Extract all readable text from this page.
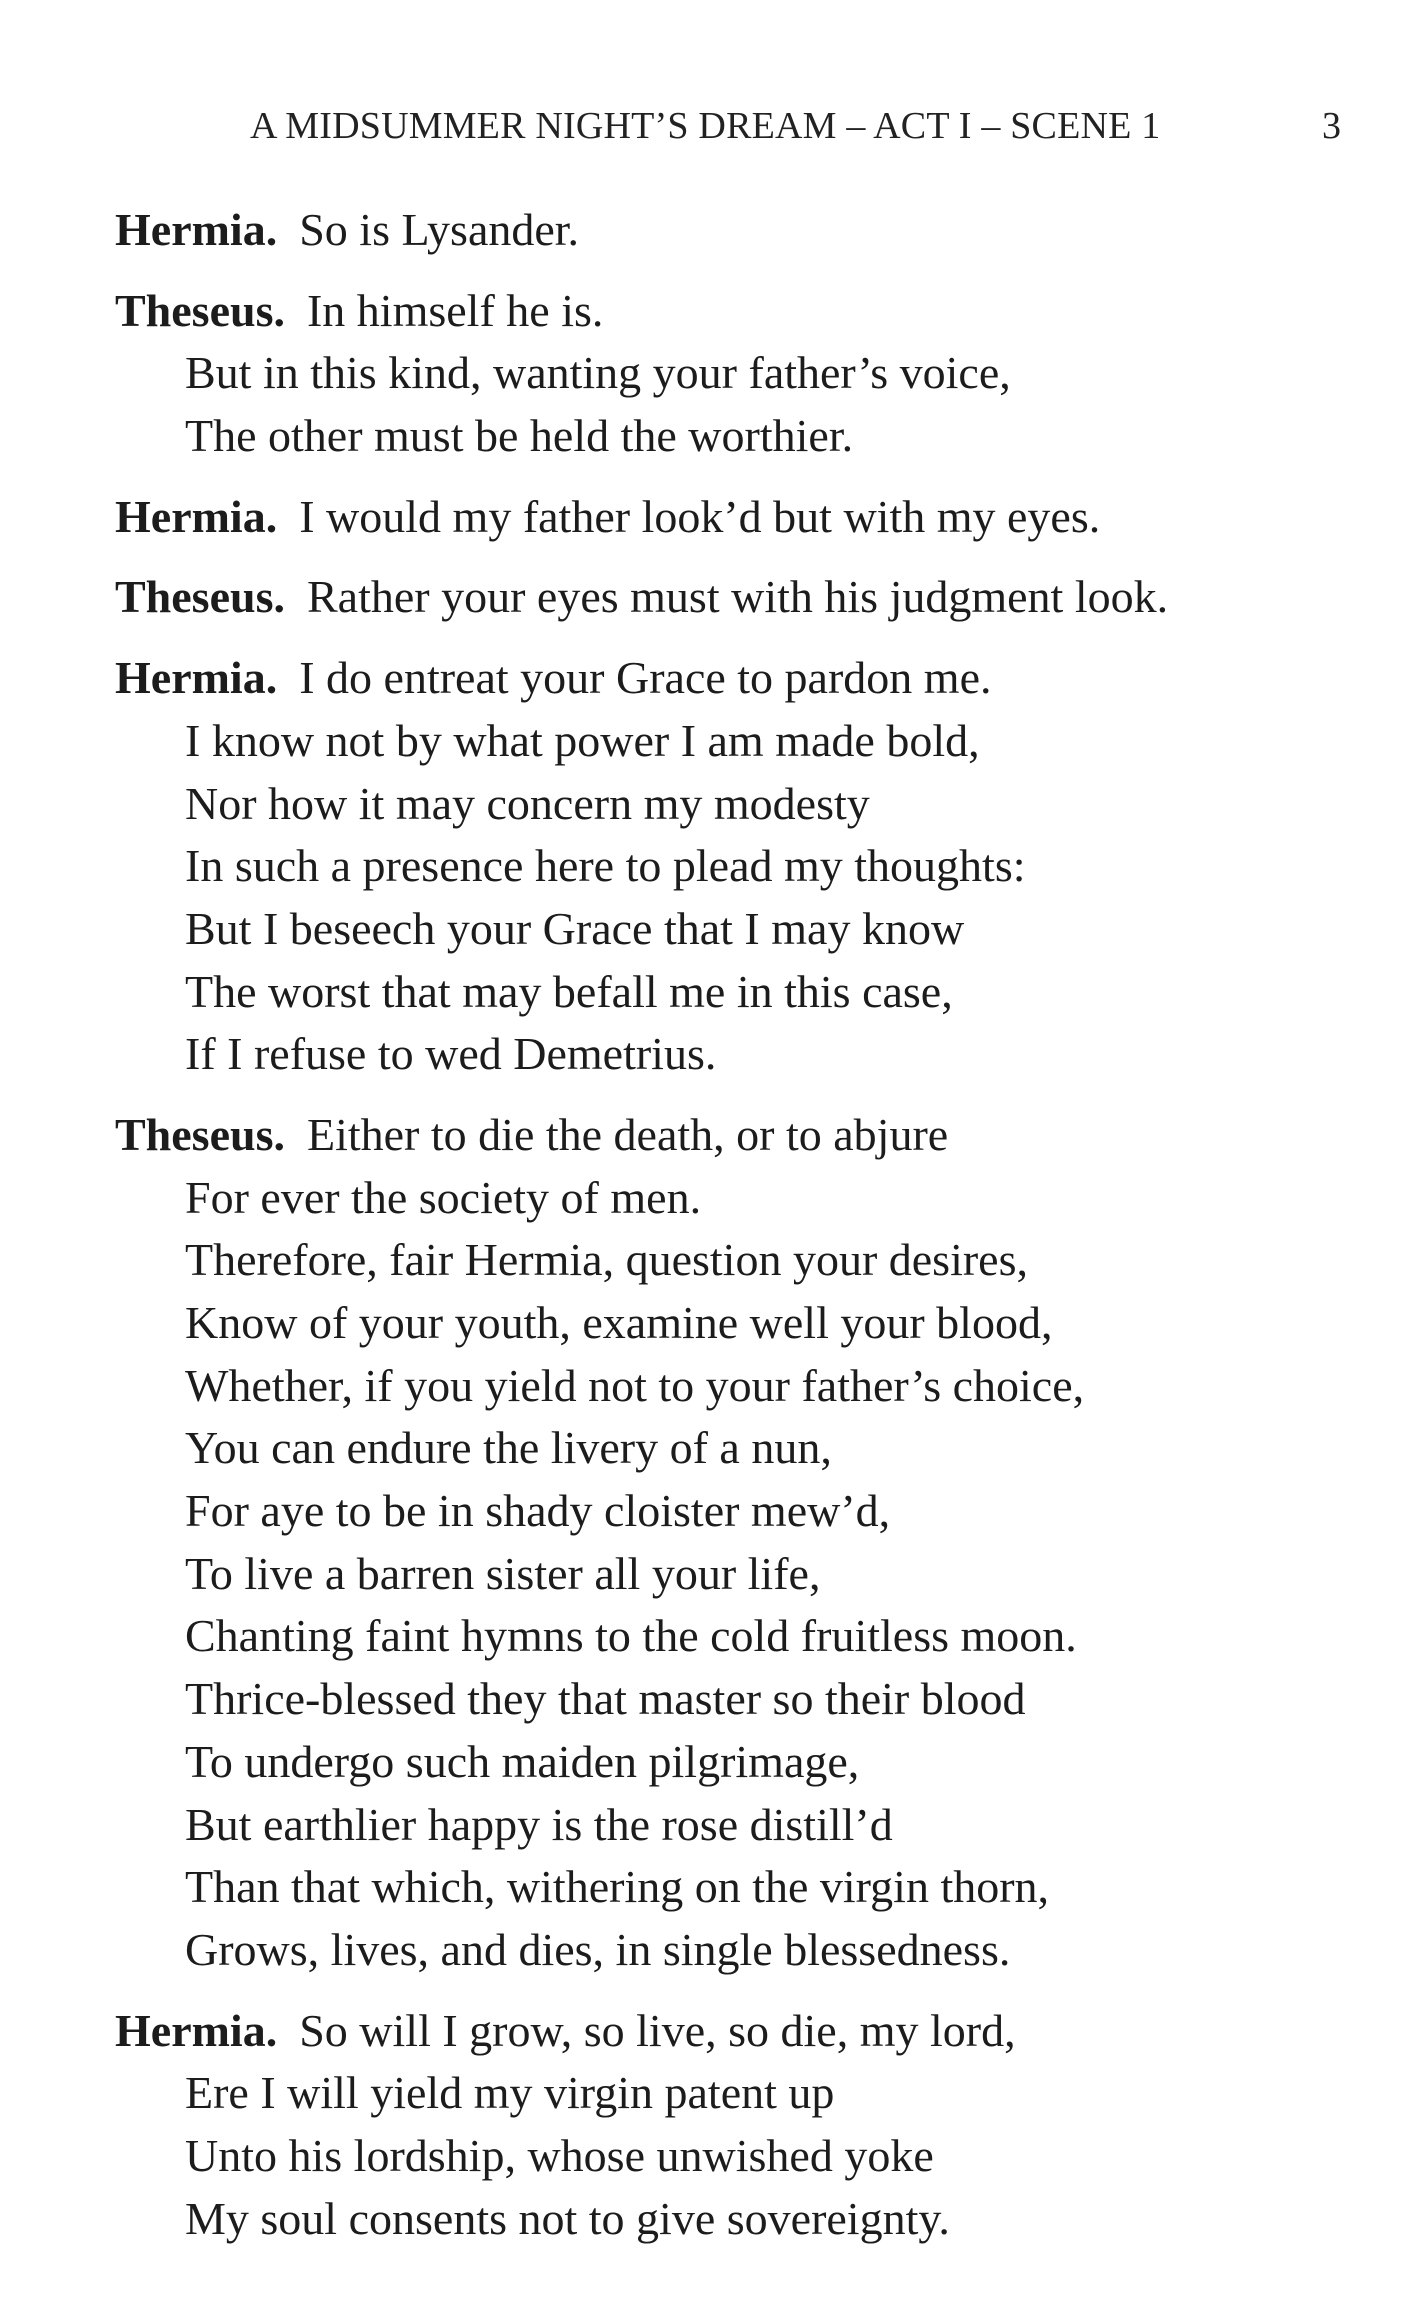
A MIDSUMMER NIGHT’S DREAM – ACT I – SCENE 1	3
Hermia. So is Lysander.
Theseus. In himself he is.
But in this kind, wanting your father’s voice,
The other must be held the worthier.
Hermia. I would my father look’d but with my eyes.
Theseus. Rather your eyes must with his judgment look.
Hermia. I do entreat your Grace to pardon me.
I know not by what power I am made bold,
Nor how it may concern my modesty
In such a presence here to plead my thoughts:
But I beseech your Grace that I may know
The worst that may befall me in this case,
If I refuse to wed Demetrius.
Theseus. Either to die the death, or to abjure
For ever the society of men.
Therefore, fair Hermia, question your desires,
Know of your youth, examine well your blood,
Whether, if you yield not to your father’s choice,
You can endure the livery of a nun,
For aye to be in shady cloister mew’d,
To live a barren sister all your life,
Chanting faint hymns to the cold fruitless moon.
Thrice-blessed they that master so their blood
To undergo such maiden pilgrimage,
But earthlier happy is the rose distill’d
Than that which, withering on the virgin thorn,
Grows, lives, and dies, in single blessedness.
Hermia. So will I grow, so live, so die, my lord,
Ere I will yield my virgin patent up
Unto his lordship, whose unwished yoke
My soul consents not to give sovereignty.
